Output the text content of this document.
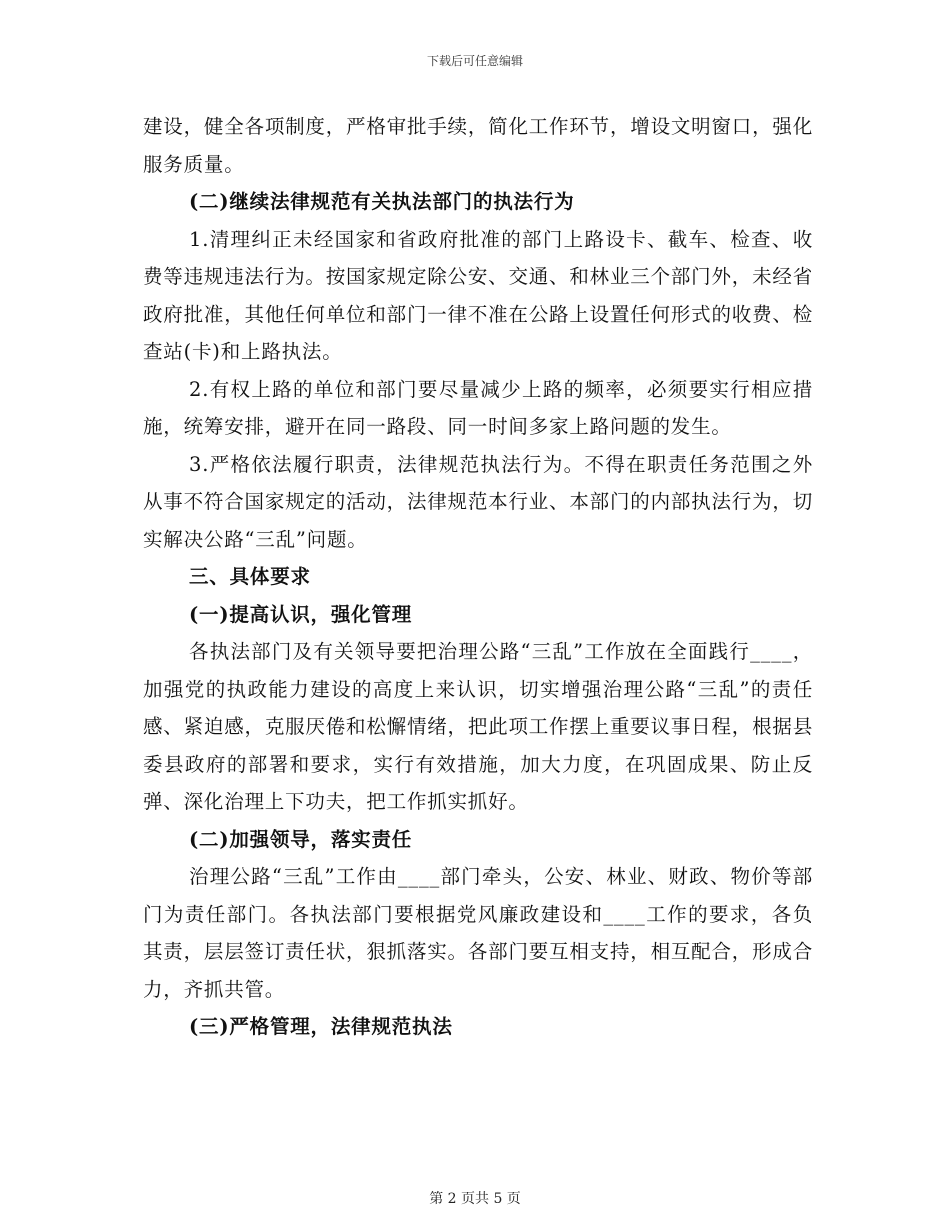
下载后可任意编辑

建设，健全各项制度，严格审批手续，简化工作环节，增设文明窗口，强化服务质量。

(二)继续法律规范有关执法部门的执法行为

1.清理纠正未经国家和省政府批准的部门上路设卡、截车、检查、收费等违规违法行为。按国家规定除公安、交通、和林业三个部门外，未经省政府批准，其他任何单位和部门一律不准在公路上设置任何形式的收费、检查站(卡)和上路执法。

2.有权上路的单位和部门要尽量减少上路的频率，必须要实行相应措施，统筹安排，避开在同一路段、同一时间多家上路问题的发生。

3.严格依法履行职责，法律规范执法行为。不得在职责任务范围之外从事不符合国家规定的活动，法律规范本行业、本部门的内部执法行为，切实解决公路“三乱”问题。

三、具体要求

(一)提高认识，强化管理

各执法部门及有关领导要把治理公路“三乱”工作放在全面践行____，加强党的执政能力建设的高度上来认识，切实增强治理公路“三乱”的责任感、紧迫感，克服厌倦和松懈情绪，把此项工作摆上重要议事日程，根据县委县政府的部署和要求，实行有效措施，加大力度，在巩固成果、防止反弹、深化治理上下功夫，把工作抓实抓好。

(二)加强领导，落实责任

治理公路“三乱”工作由____部门牵头，公安、林业、财政、物价等部门为责任部门。各执法部门要根据党风廉政建设和____工作的要求，各负其责，层层签订责任状，狠抓落实。各部门要互相支持，相互配合，形成合力，齐抓共管。

(三)严格管理，法律规范执法

第 2 页共 5 页
